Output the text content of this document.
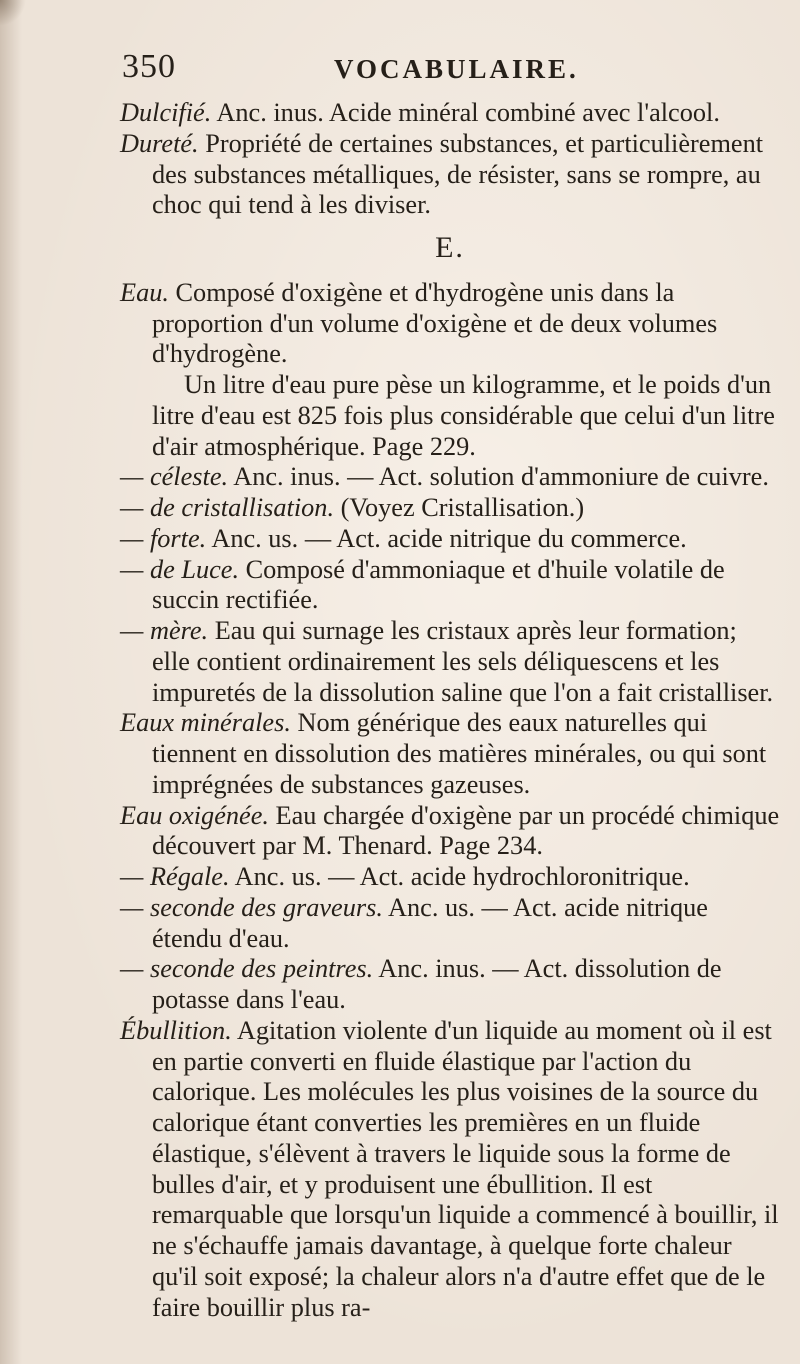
350	VOCABULAIRE.

Dulcifié. Anc. inus. Acide minéral combiné avec l'alcool.

Dureté. Propriété de certaines substances, et particulièrement des substances métalliques, de résister, sans se rompre, au choc qui tend à les diviser.

E.

Eau. Composé d'oxigène et d'hydrogène unis dans la proportion d'un volume d'oxigène et de deux volumes d'hydrogène.

Un litre d'eau pure pèse un kilogramme, et le poids d'un litre d'eau est 825 fois plus considérable que celui d'un litre d'air atmosphérique. Page 229.

— céleste. Anc. inus. — Act. solution d'ammoniure de cuivre.

— de cristallisation. (Voyez Cristallisation.)

— forte. Anc. us. — Act. acide nitrique du commerce.

— de Luce. Composé d'ammoniaque et d'huile volatile de succin rectifiée.

— mère. Eau qui surnage les cristaux après leur formation; elle contient ordinairement les sels déliquescens et les impuretés de la dissolution saline que l'on a fait cristalliser.

Eaux minérales. Nom générique des eaux naturelles qui tiennent en dissolution des matières minérales, ou qui sont imprégnées de substances gazeuses.

Eau oxigénée. Eau chargée d'oxigène par un procédé chimique découvert par M. Thenard. Page 234.

— Régale. Anc. us. — Act. acide hydrochloronitrique.

— seconde des graveurs. Anc. us. — Act. acide nitrique étendu d'eau.

— seconde des peintres. Anc. inus. — Act. dissolution de potasse dans l'eau.

Ébullition. Agitation violente d'un liquide au moment où il est en partie converti en fluide élastique par l'action du calorique. Les molécules les plus voisines de la source du calorique étant converties les premières en un fluide élastique, s'élèvent à travers le liquide sous la forme de bulles d'air, et y produisent une ébullition. Il est remarquable que lorsqu'un liquide a commencé à bouillir, il ne s'échauffe jamais davantage, à quelque forte chaleur qu'il soit exposé; la chaleur alors n'a d'autre effet que de le faire bouillir plus ra-
